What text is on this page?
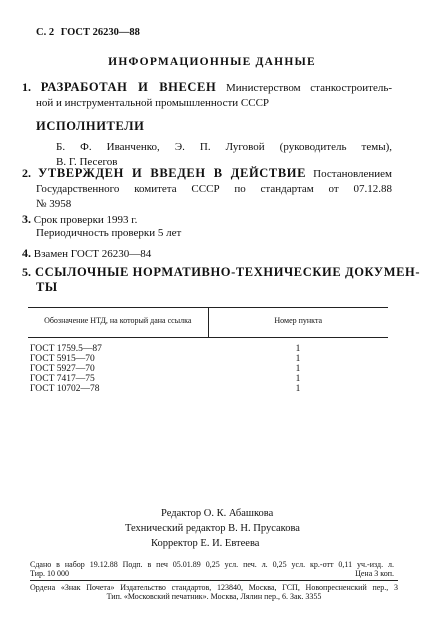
С. 2 ГОСТ 26230—88
ИНФОРМАЦИОННЫЕ ДАННЫЕ
1. РАЗРАБОТАН И ВНЕСЕН Министерством станкостроитель-
ной и инструментальной промышленности СССР
ИСПОЛНИТЕЛИ
Б. Ф. Иванченко, Э. П. Луговой (руководитель темы),
В. Г. Песегов
2. УТВЕРЖДЕН И ВВЕДЕН В ДЕЙСТВИЕ Постановлением
Государственного комитета СССР по стандартам от 07.12.88
№ 3958
3. Срок проверки 1993 г.
Периодичность проверки 5 лет
4. Взамен ГОСТ 26230—84
5. ССЫЛОЧНЫЕ НОРМАТИВНО-ТЕХНИЧЕСКИЕ ДОКУМЕН-
ТЫ
Обозначение НТД, на который дана ссылка	Номер пункта

ГОСТ 1759.5—87	1
ГОСТ 5915—70	1
ГОСТ 5927—70	1
ГОСТ 7417—75	1
ГОСТ 10702—78	1
Редактор О. К. Абашкова
Технический редактор В. Н. Прусакова
Корректор Е. И. Евтеева
Сдано в набор 19.12.88 Подп. в печ 05.01.89 0,25 усл. печ. л. 0,25 усл. кр.-отт 0,11 уч.-изд. л.
Тир. 10 000	Цена 3 коп.
Ордена «Знак Почета» Издательство стандартов, 123840, Москва, ГСП, Новопресненский пер., 3
Тип. «Московский печатник». Москва, Лялин пер., 6. Зак. 3355
